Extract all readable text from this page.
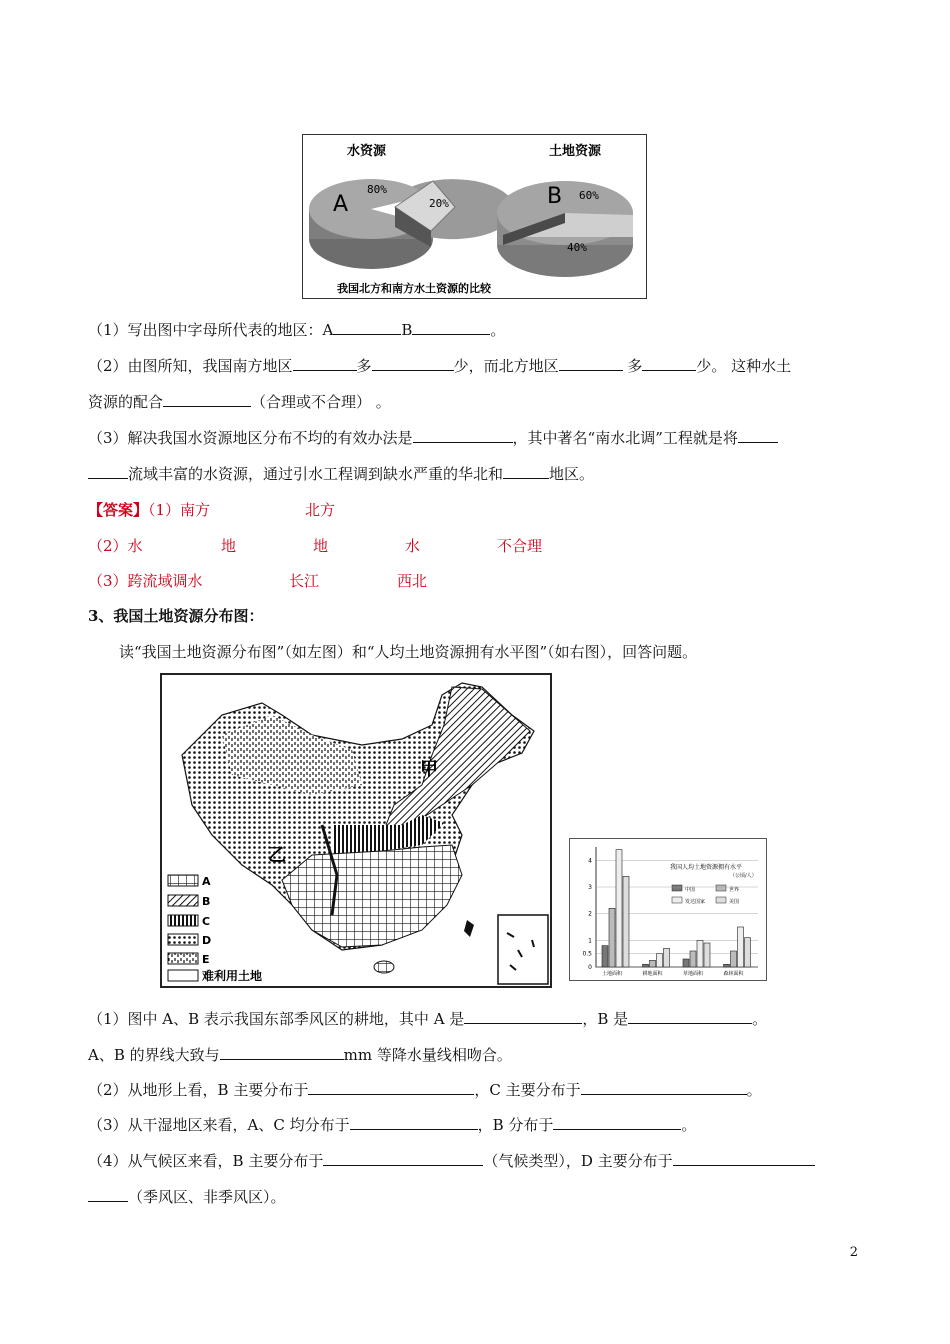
水资源	土地资源
A
80%
20%	B 60%
40%
我国北方和南方水土资源的比较
（1）写出图中字母所代表的地区：A	B	。
（2）由图所知，我国南方地区	多	少，而北方地区	多	少。 这种水土
资源的配合	（合理或不合理） 。
（3）解决我国水资源地区分布不均的有效办法是	，其中著名“南水北调”工程就是将
流域丰富的水资源，通过引水工程调到缺水严重的华北和	地区。
【答案】（1）南方	北方
（2）水	地	地	水	不合理
（3）跨流域调水	长江	西北
3、我国土地资源分布图：
读“我国土地资源分布图”（如左图）和“人均土地资源拥有水平图”（如右图），回答问题。
甲
乙
A
B
C
D
E
难利用土地
我国人均土地资源拥有水平
（公顷/人）
中国	世界
发达国家	美国
0
0.5
1
2
3
4
土地面积	耕地面积	草地面积	森林面积
（1）图中 A、B 表示我国东部季风区的耕地，其中 A 是	，B 是	。
A、B 的界线大致与	mm 等降水量线相吻合。
（2）从地形上看，B 主要分布于	，C 主要分布于	。
（3）从干湿地区来看，A、C 均分布于	，B 分布于	。
（4）从气候区来看，B 主要分布于	（气候类型），D 主要分布于
（季风区、非季风区）。
2
